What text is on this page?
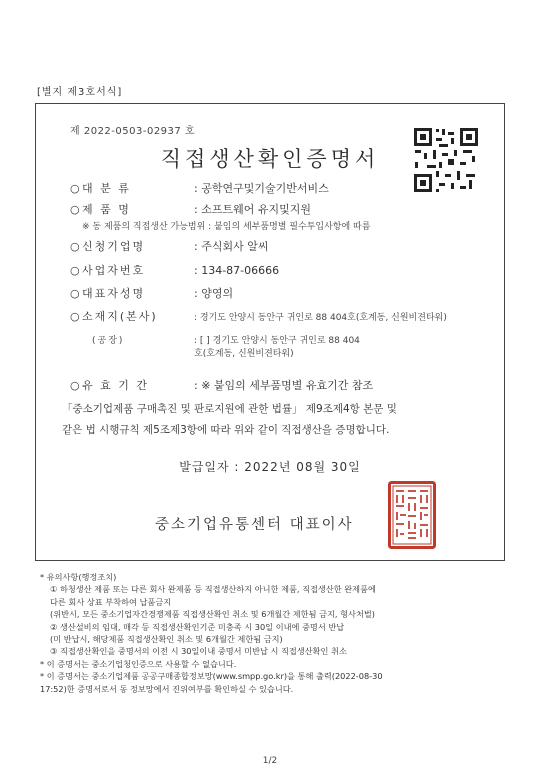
[별지 제3호서식]
제 2022-0503-02937 호
직접생산확인증명서
○ 대 분 류	: 공학연구및기술기반서비스
○ 제 품 명	: 소프트웨어 유지및지원
※ 동 제품의 직접생산 가능범위 : 붙임의 세부품명별 필수투입사항에 따름
○ 신청기업명	: 주식회사 알씨
○ 사업자번호	: 134-87-06666
○ 대표자성명	: 양영의
○ 소재지(본사)	: 경기도 안양시 동안구 귀인로 88 404호(호계동, 신원비젼타워)
(공장)	: [ ] 경기도 안양시 동안구 귀인로 88 404
호(호계동, 신원비젼타워)
○ 유 효 기 간	: ※ 붙임의 세부품명별 유효기간 참조
「중소기업제품 구매촉진 및 판로지원에 관한 법률」 제9조제4항 본문 및
같은 법 시행규칙 제5조제3항에 따라 위와 같이 직접생산을 증명합니다.
발급일자 : 2022년 08월 30일
중소기업유통센터 대표이사
* 유의사항(행정조치)
① 하청생산 제품 또는 다른 회사 완제품 등 직접생산하지 아니한 제품, 직접생산한 완제품에
다른 회사 상표 부착하여 납품금지
(위반시, 모든 중소기업자간경쟁제품 직접생산확인 취소 및 6개월간 제한됨 금지, 형사처벌)
② 생산설비의 임대, 매각 등 직접생산확인기준 미충족 시 30일 이내에 중명서 반납
(미 반납시, 해당제품 직접생산확인 취소 및 6개월간 제한됨 금지)
③ 직접생산확인을 중명서의 이전 시 30일이내 중명서 미반납 시 직접생산확인 취소
* 이 증명서는 중소기업청인증으로 사용할 수 없습니다.
* 이 증명서는 중소기업제품 공공구매종합정보망(www.smpp.go.kr)을 통해 출력(2022-08-30
17:52)한 증명서로서 동 정보망에서 진위여부를 확인하실 수 있습니다.
1/2
